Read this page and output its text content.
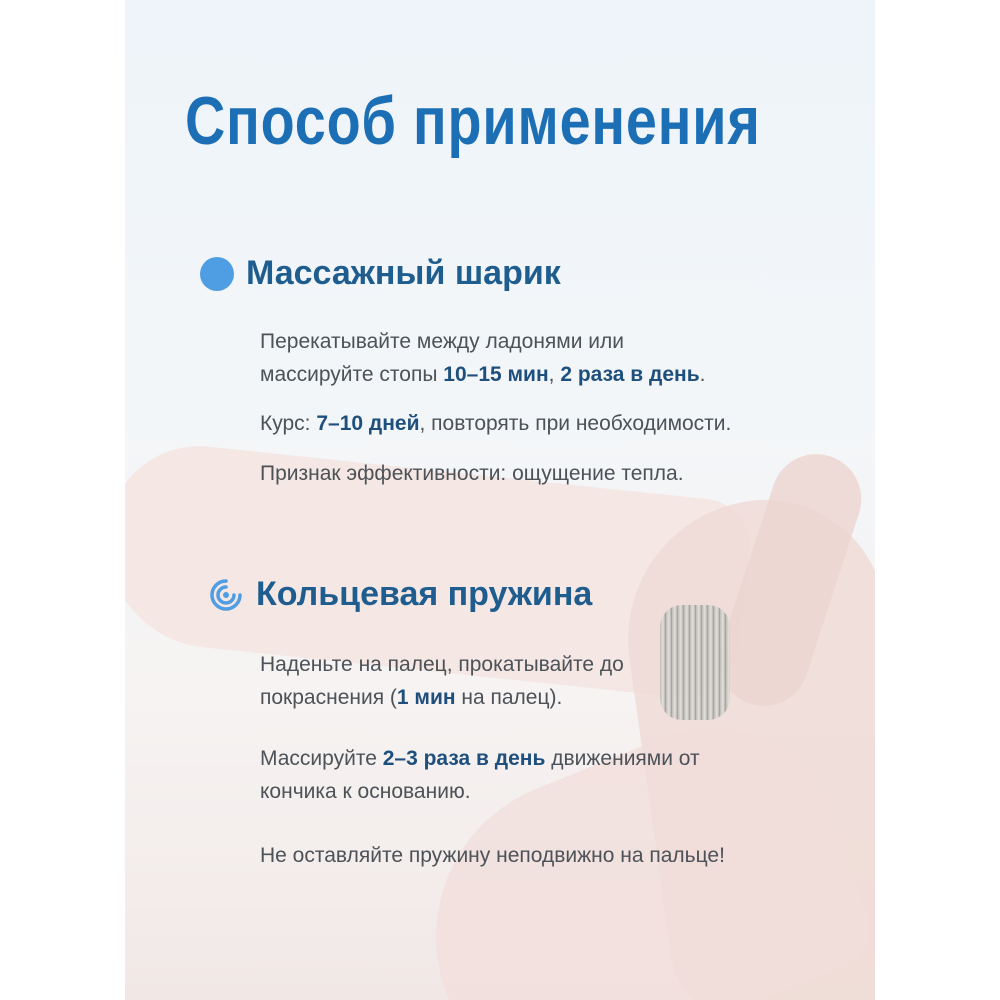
Способ применения
Массажный шарик

Перекатывайте между ладонями или
массируйте стопы 10–15 мин, 2 раза в день.

Курс: 7–10 дней, повторять при необходимости.

Признак эффективности: ощущение тепла.

Кольцевая пружина

Наденьте на палец, прокатывайте до
покраснения (1 мин на палец).

Массируйте 2–3 раза в день движениями от
кончика к основанию.

Не оставляйте пружину неподвижно на пальце!
